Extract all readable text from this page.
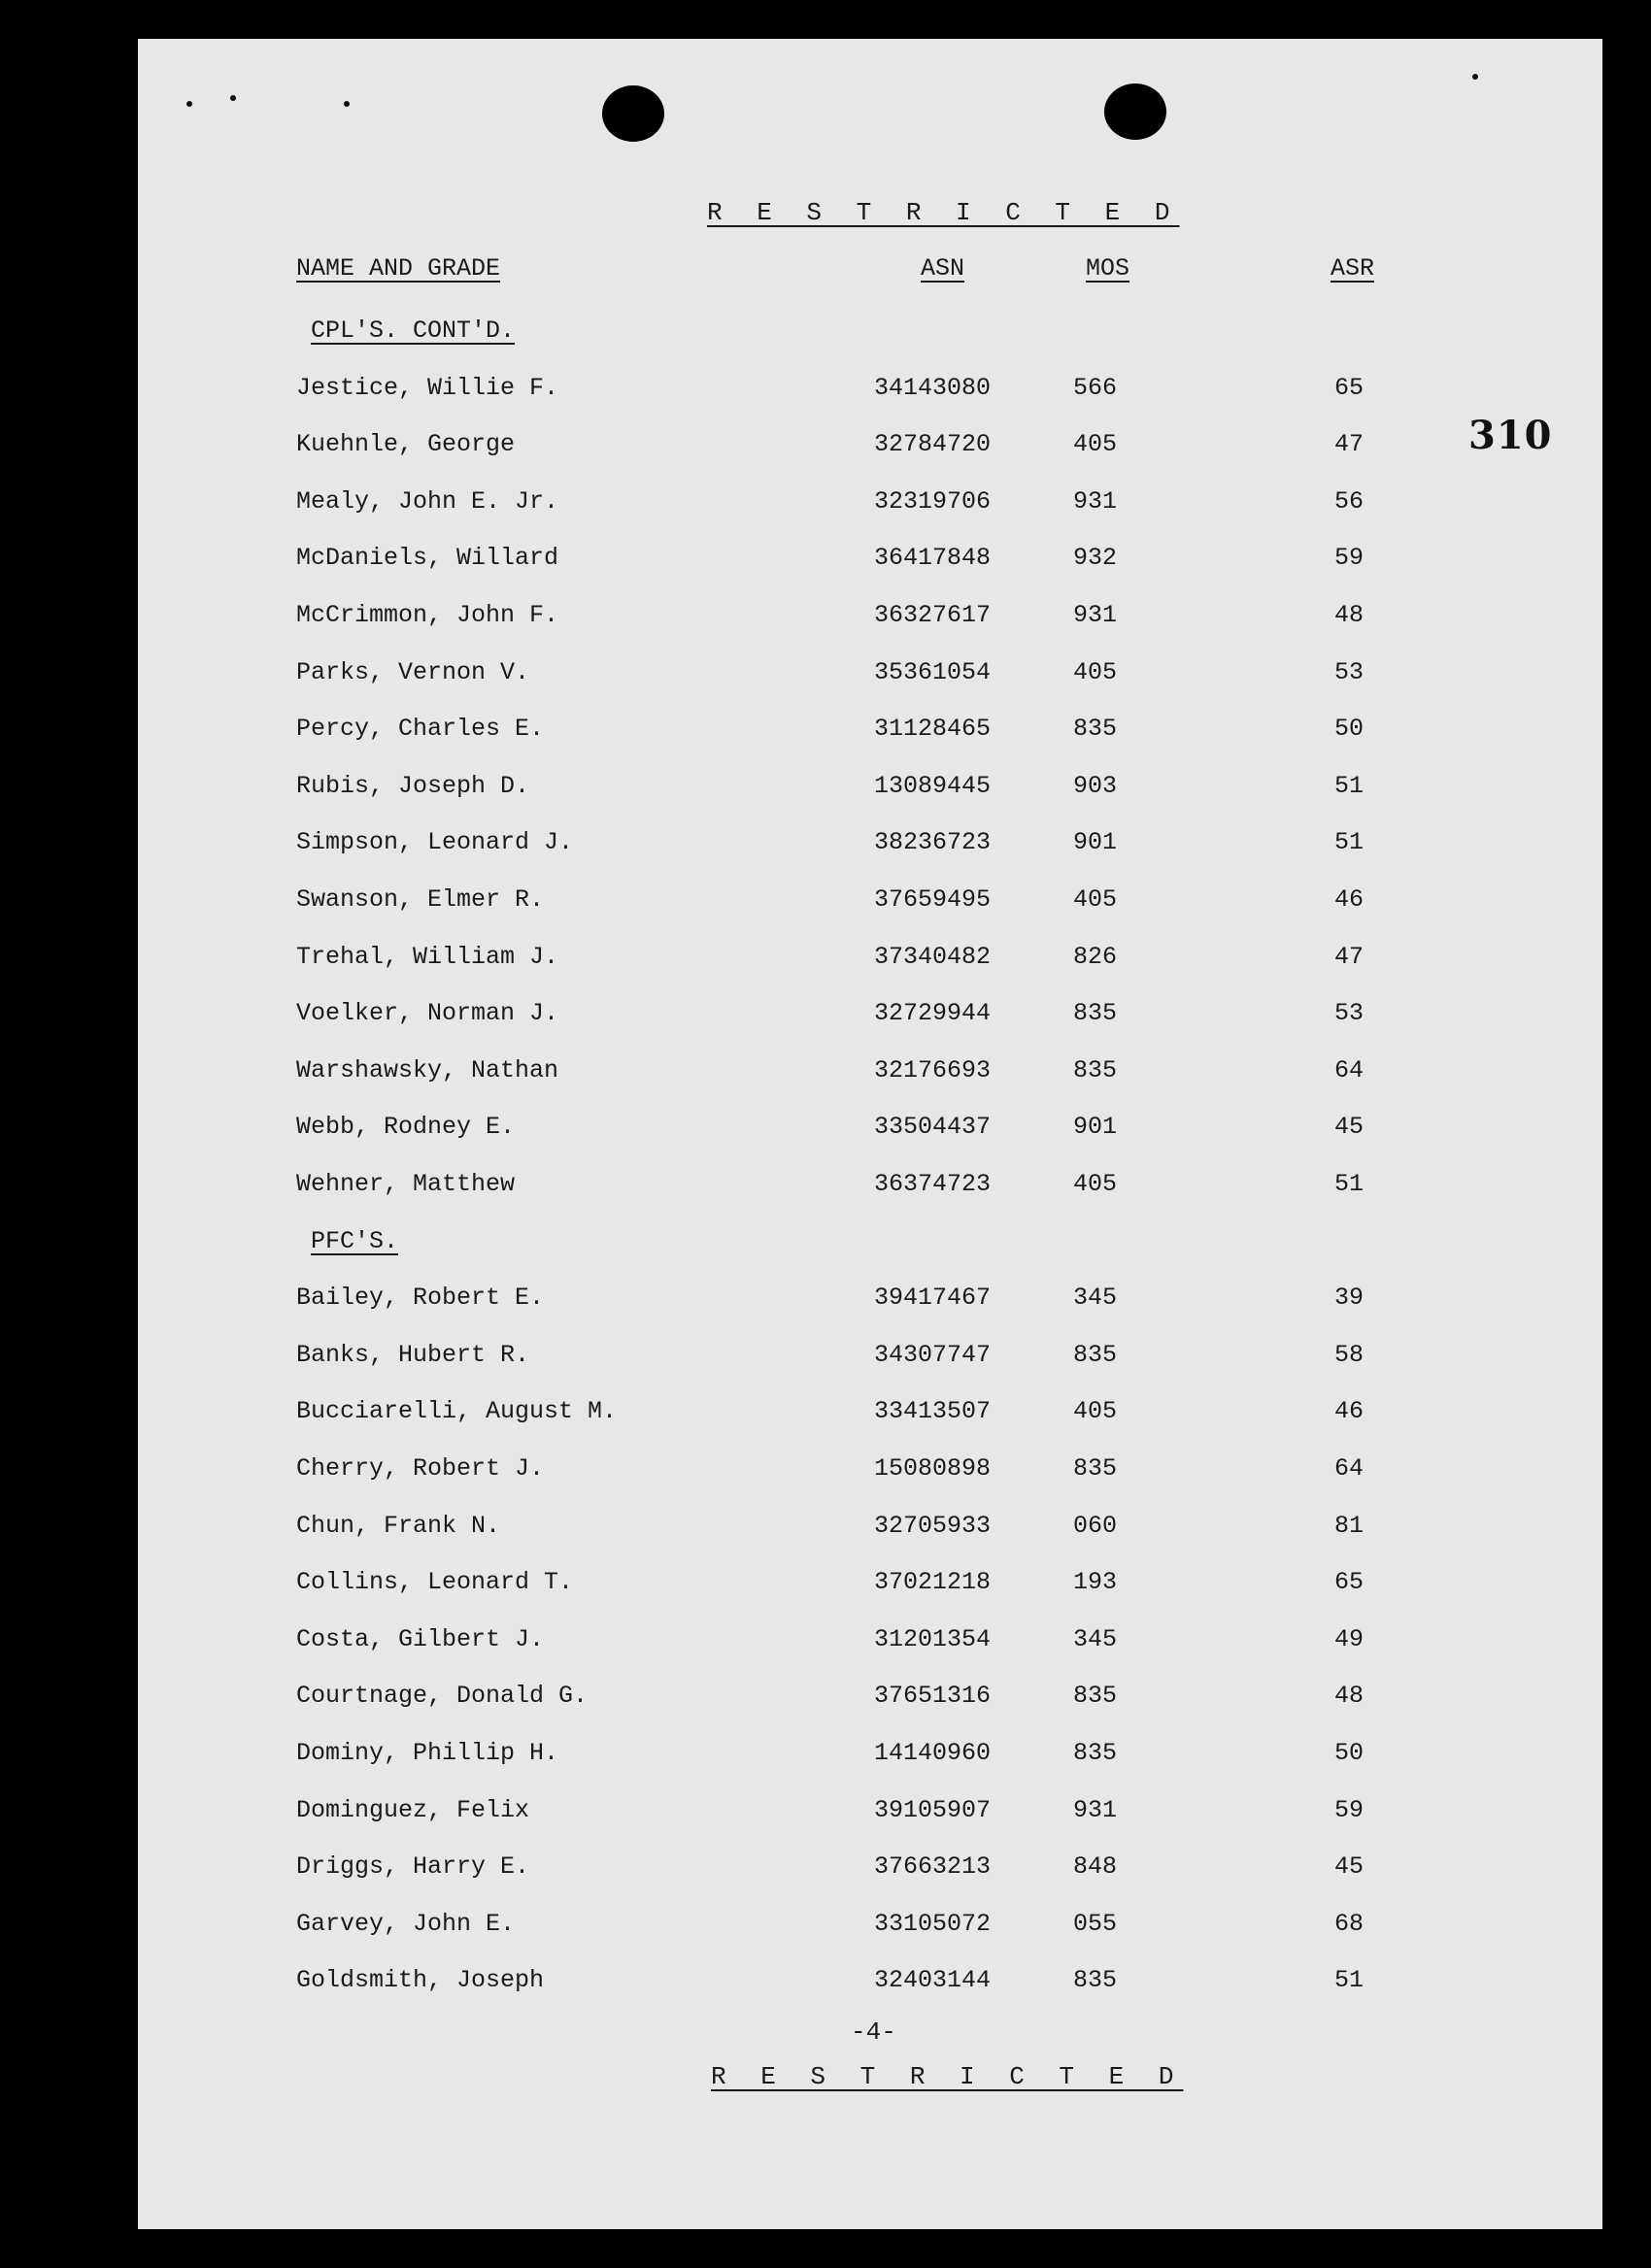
310
R E S T R I C T E D
NAME AND GRADE	ASN	MOS	ASR
CPL'S. CONT'D.
Jestice, Willie F.	34143080	566	65
Kuehnle, George	32784720	405	47
Mealy, John E. Jr.	32319706	931	56
McDaniels, Willard	36417848	932	59
McCrimmon, John F.	36327617	931	48
Parks, Vernon V.	35361054	405	53
Percy, Charles E.	31128465	835	50
Rubis, Joseph D.	13089445	903	51
Simpson, Leonard J.	38236723	901	51
Swanson, Elmer R.	37659495	405	46
Trehal, William J.	37340482	826	47
Voelker, Norman J.	32729944	835	53
Warshawsky, Nathan	32176693	835	64
Webb, Rodney E.	33504437	901	45
Wehner, Matthew	36374723	405	51
PFC'S.
Bailey, Robert E.	39417467	345	39
Banks, Hubert R.	34307747	835	58
Bucciarelli, August M.	33413507	405	46
Cherry, Robert J.	15080898	835	64
Chun, Frank N.	32705933	060	81
Collins, Leonard T.	37021218	193	65
Costa, Gilbert J.	31201354	345	49
Courtnage, Donald G.	37651316	835	48
Dominy, Phillip H.	14140960	835	50
Dominguez, Felix	39105907	931	59
Driggs, Harry E.	37663213	848	45
Garvey, John E.	33105072	055	68
Goldsmith, Joseph	32403144	835	51
-4-
R E S T R I C T E D
